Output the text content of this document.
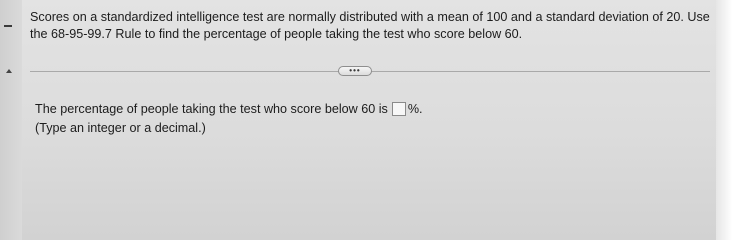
Scores on a standardized intelligence test are normally distributed with a mean of 100 and a standard deviation of 20. Use the 68-95-99.7 Rule to find the percentage of people taking the test who score below 60.

•••
The percentage of people taking the test who score below 60 is %.
(Type an integer or a decimal.)
